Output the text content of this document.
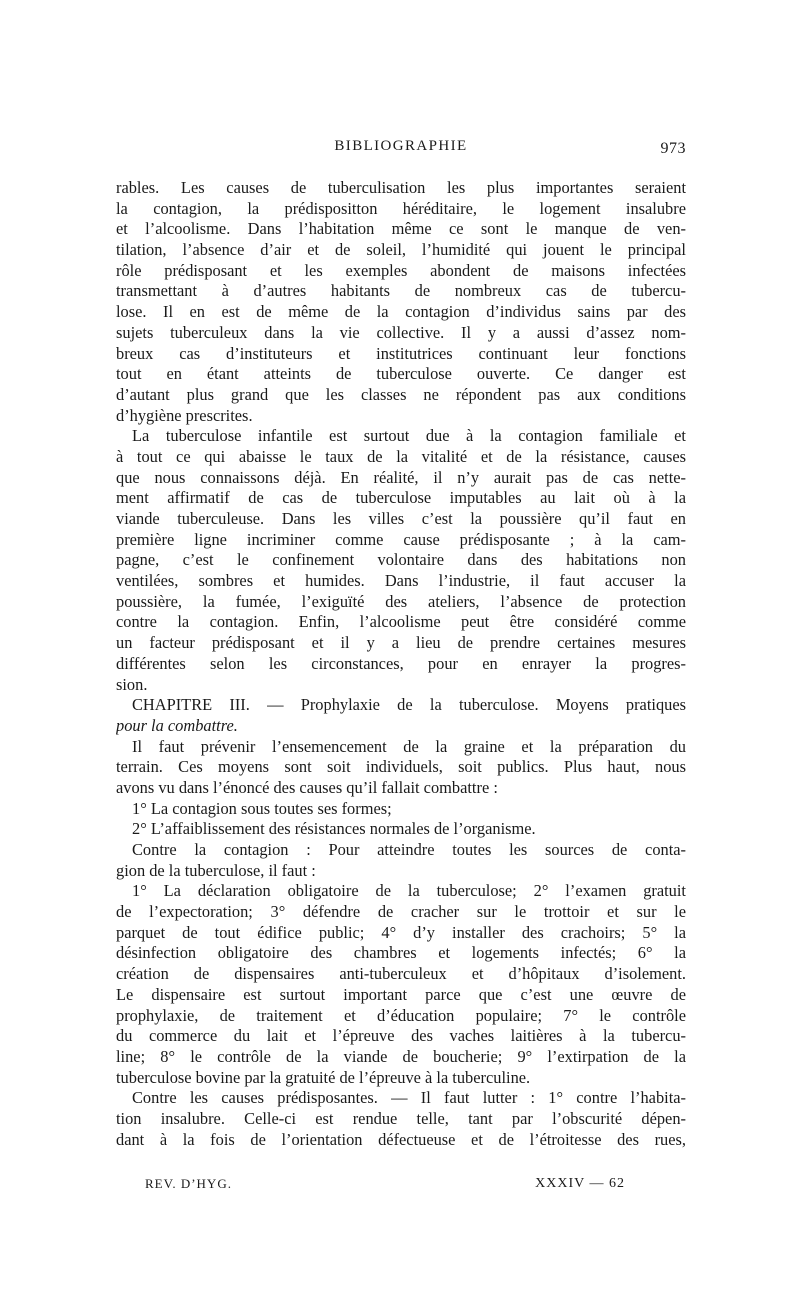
BIBLIOGRAPHIE	973
rables. Les causes de tuberculisation les plus importantes seraient
la contagion, la prédispositton héréditaire, le logement insalubre
et l’alcoolisme. Dans l’habitation même ce sont le manque de ven-
tilation, l’absence d’air et de soleil, l’humidité qui jouent le principal
rôle prédisposant et les exemples abondent de maisons infectées
transmettant à d’autres habitants de nombreux cas de tubercu-
lose. Il en est de même de la contagion d’individus sains par des
sujets tuberculeux dans la vie collective. Il y a aussi d’assez nom-
breux cas d’instituteurs et institutrices continuant leur fonctions
tout en étant atteints de tuberculose ouverte. Ce danger est
d’autant plus grand que les classes ne répondent pas aux conditions
d’hygiène prescrites.
La tuberculose infantile est surtout due à la contagion familiale et
à tout ce qui abaisse le taux de la vitalité et de la résistance, causes
que nous connaissons déjà. En réalité, il n’y aurait pas de cas nette-
ment affirmatif de cas de tuberculose imputables au lait où à la
viande tuberculeuse. Dans les villes c’est la poussière qu’il faut en
première ligne incriminer comme cause prédisposante ; à la cam-
pagne, c’est le confinement volontaire dans des habitations non
ventilées, sombres et humides. Dans l’industrie, il faut accuser la
poussière, la fumée, l’exiguïté des ateliers, l’absence de protection
contre la contagion. Enfin, l’alcoolisme peut être considéré comme
un facteur prédisposant et il y a lieu de prendre certaines mesures
différentes selon les circonstances, pour en enrayer la progres-
sion.
CHAPITRE III. — Prophylaxie de la tuberculose. Moyens pratiques
pour la combattre.
Il faut prévenir l’ensemencement de la graine et la préparation du
terrain. Ces moyens sont soit individuels, soit publics. Plus haut, nous
avons vu dans l’énoncé des causes qu’il fallait combattre :
1° La contagion sous toutes ses formes;
2° L’affaiblissement des résistances normales de l’organisme.
Contre la contagion : Pour atteindre toutes les sources de conta-
gion de la tuberculose, il faut :
1° La déclaration obligatoire de la tuberculose; 2° l’examen gratuit
de l’expectoration; 3° défendre de cracher sur le trottoir et sur le
parquet de tout édifice public; 4° d’y installer des crachoirs; 5° la
désinfection obligatoire des chambres et logements infectés; 6° la
création de dispensaires anti-tuberculeux et d’hôpitaux d’isolement.
Le dispensaire est surtout important parce que c’est une œuvre de
prophylaxie, de traitement et d’éducation populaire; 7° le contrôle
du commerce du lait et l’épreuve des vaches laitières à la tubercu-
line; 8° le contrôle de la viande de boucherie; 9° l’extirpation de la
tuberculose bovine par la gratuité de l’épreuve à la tuberculine.
Contre les causes prédisposantes. — Il faut lutter : 1° contre l’habita-
tion insalubre. Celle-ci est rendue telle, tant par l’obscurité dépen-
dant à la fois de l’orientation défectueuse et de l’étroitesse des rues,
REV. D’HYG.	XXXIV — 62
